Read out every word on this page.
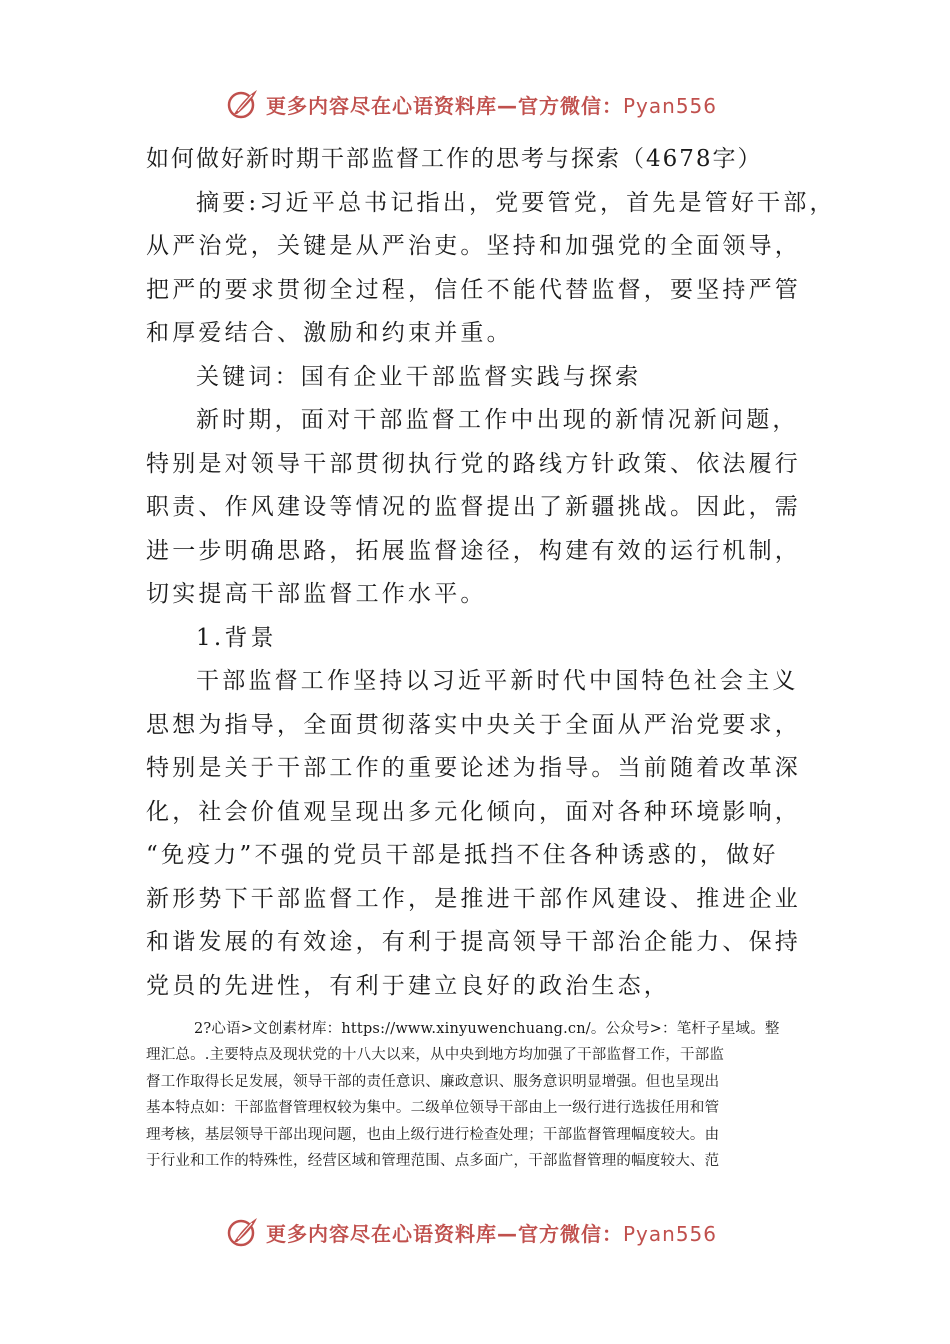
更多内容尽在心语资料库—官方微信：Pyan556
如何做好新时期干部监督工作的思考与探索（4678字）
摘要:习近平总书记指出，党要管党，首先是管好干部，
从严治党，关键是从严治吏。坚持和加强党的全面领导，
把严的要求贯彻全过程，信任不能代替监督，要坚持严管
和厚爱结合、激励和约束并重。
关键词：国有企业干部监督实践与探索
新时期，面对干部监督工作中出现的新情况新问题，
特别是对领导干部贯彻执行党的路线方针政策、依法履行
职责、作风建设等情况的监督提出了新疆挑战。因此，需
进一步明确思路，拓展监督途径，构建有效的运行机制，
切实提高干部监督工作水平。
1.背景
干部监督工作坚持以习近平新时代中国特色社会主义
思想为指导，全面贯彻落实中央关于全面从严治党要求，
特别是关于干部工作的重要论述为指导。当前随着改革深
化，社会价值观呈现出多元化倾向，面对各种环境影响，
“免疫力”不强的党员干部是抵挡不住各种诱惑的，做好
新形势下干部监督工作，是推进干部作风建设、推进企业
和谐发展的有效途，有利于提高领导干部治企能力、保持
党员的先进性，有利于建立良好的政治生态，
2?心语>文创素材库：https://www.xinyuwenchuang.cn/。公众号>：笔杆子星域。整
理汇总。.主要特点及现状党的十八大以来，从中央到地方均加强了干部监督工作，干部监
督工作取得长足发展，领导干部的责任意识、廉政意识、服务意识明显增强。但也呈现出
基本特点如：干部监督管理权较为集中。二级单位领导干部由上一级行进行选拔任用和管
理考核，基层领导干部出现问题，也由上级行进行检查处理；干部监督管理幅度较大。由
于行业和工作的特殊性，经营区域和管理范围、点多面广，干部监督管理的幅度较大、范
更多内容尽在心语资料库—官方微信：Pyan556
